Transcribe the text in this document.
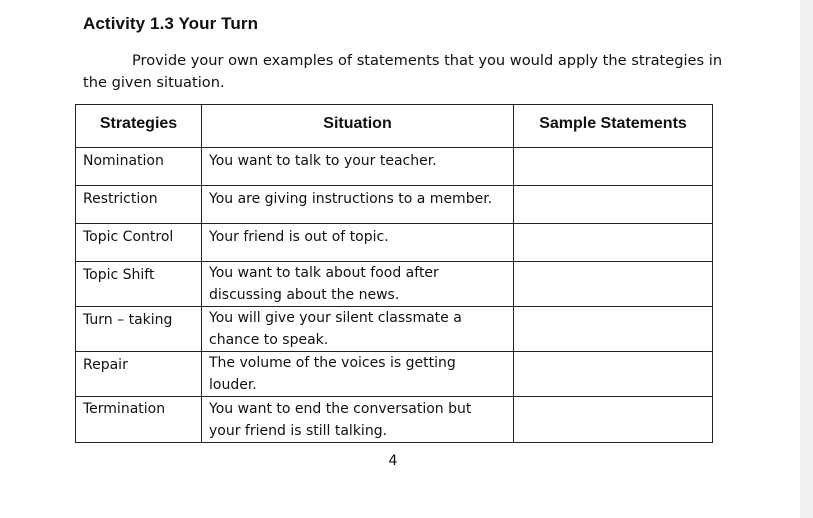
Activity 1.3 Your Turn
Provide your own examples of statements that you would apply the strategies in the given situation.
Strategies	Situation	Sample Statements
Nomination	You want to talk to your teacher.	
Restriction	You are giving instructions to a member.	
Topic Control	Your friend is out of topic.	
Topic Shift	You want to talk about food after discussing about the news.	
Turn – taking	You will give your silent classmate a chance to speak.	
Repair	The volume of the voices is getting louder.	
Termination	You want to end the conversation but your friend is still talking.	
4
